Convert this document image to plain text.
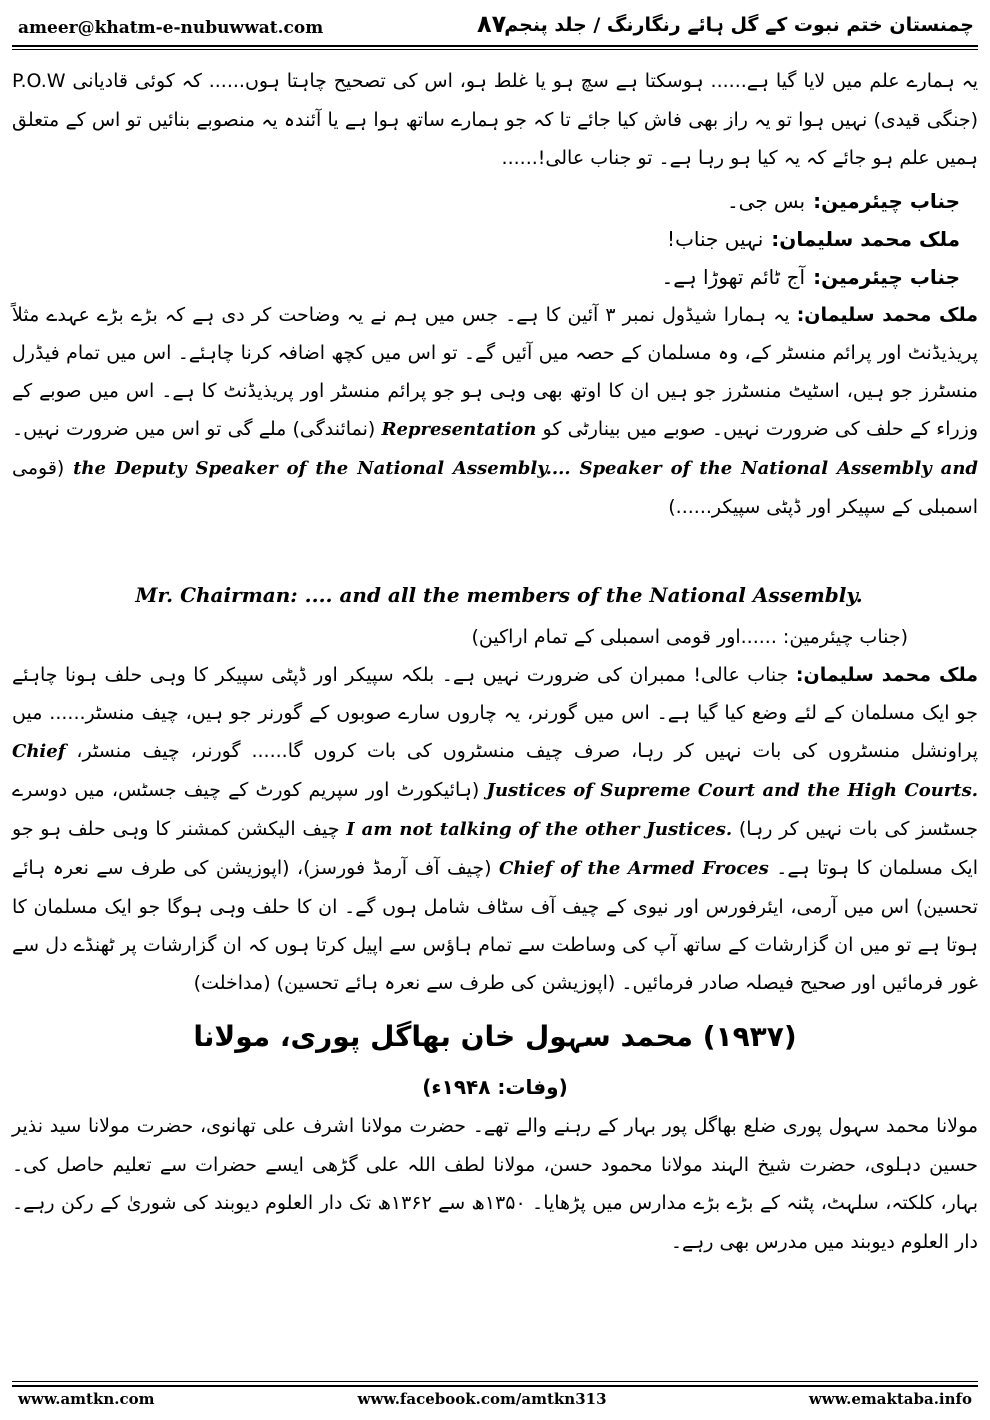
ameer@khatm-e-nubuwwat.com	۸۷
چمنستان ختم نبوت کے گل ہائے رنگارنگ / جلد پنجم

یہ ہمارے علم میں لایا گیا ہے...... ہوسکتا ہے سچ ہو یا غلط ہو، اس کی تصحیح چاہتا ہوں...... کہ کوئی قادیانی P.O.W (جنگی قیدی) نہیں ہوا تو یہ راز بھی فاش کیا جائے تا کہ جو ہمارے ساتھ ہوا ہے یا آئندہ یہ منصوبے بنائیں تو اس کے متعلق ہمیں علم ہو جائے کہ یہ کیا ہو رہا ہے۔ تو جناب عالی!......

جناب چیئرمین:بس جی۔
ملک محمد سلیمان:نہیں جناب!
جناب چیئرمین:آج ٹائم تھوڑا ہے۔
ملک محمد سلیمان: یہ ہمارا شیڈول نمبر ۳ آئین کا ہے۔ جس میں ہم نے یہ وضاحت کر دی ہے کہ بڑے بڑے عہدے مثلاً پریذیڈنٹ اور پرائم منسٹر کے، وہ مسلمان کے حصہ میں آئیں گے۔ تو اس میں کچھ اضافہ کرنا چاہئے۔ اس میں تمام فیڈرل منسٹرز جو ہیں، اسٹیٹ منسٹرز جو ہیں ان کا اوتھ بھی وہی ہو جو پرائم منسٹر اور پریذیڈنٹ کا ہے۔ اس میں صوبے کے وزراء کے حلف کی ضرورت نہیں۔ صوبے میں بینارٹی کو Representation (نمائندگی) ملے گی تو اس میں ضرورت نہیں۔ Speaker of the National Assembly and the Deputy Speaker of the National Assembly.... (قومی اسمبلی کے سپیکر اور ڈپٹی سپیکر......)
Mr. Chairman: .... and all the members of the National Assembly.
(جناب چیئرمین: ......اور قومی اسمبلی کے تمام اراکین)
ملک محمد سلیمان: جناب عالی! ممبران کی ضرورت نہیں ہے۔ بلکہ سپیکر اور ڈپٹی سپیکر کا وہی حلف ہونا چاہئے جو ایک مسلمان کے لئے وضع کیا گیا ہے۔ اس میں گورنر، یہ چاروں سارے صوبوں کے گورنر جو ہیں، چیف منسٹر...... میں پراونشل منسٹروں کی بات نہیں کر رہا، صرف چیف منسٹروں کی بات کروں گا...... گورنر، چیف منسٹر، Chief Justices of Supreme Court and the High Courts. (ہائیکورٹ اور سپریم کورٹ کے چیف جسٹس، میں دوسرے جسٹسز کی بات نہیں کر رہا) I am not talking of the other Justices. چیف الیکشن کمشنر کا وہی حلف ہو جو ایک مسلمان کا ہوتا ہے۔ Chief of the Armed Froces (چیف آف آرمڈ فورسز)، (اپوزیشن کی طرف سے نعرہ ہائے تحسین) اس میں آرمی، ایئرفورس اور نیوی کے چیف آف سٹاف شامل ہوں گے۔ ان کا حلف وہی ہوگا جو ایک مسلمان کا ہوتا ہے تو میں ان گزارشات کے ساتھ آپ کی وساطت سے تمام ہاؤس سے اپیل کرتا ہوں کہ ان گزارشات پر ٹھنڈے دل سے غور فرمائیں اور صحیح فیصلہ صادر فرمائیں۔ (اپوزیشن کی طرف سے نعرہ ہائے تحسین) (مداخلت)
(۱۹۳۷) محمد سہول خان بھاگل پوری، مولانا
(وفات: ۱۹۴۸ء)

مولانا محمد سہول پوری ضلع بھاگل پور بہار کے رہنے والے تھے۔ حضرت مولانا اشرف علی تھانوی، حضرت مولانا سید نذیر حسین دہلوی، حضرت شیخ الہند مولانا محمود حسن، مولانا لطف اللہ علی گڑھی ایسے حضرات سے تعلیم حاصل کی۔ بہار، کلکتہ، سلہٹ، پٹنہ کے بڑے بڑے مدارس میں پڑھایا۔ ۱۳۵۰ھ سے ۱۳۶۲ھ تک دار العلوم دیوبند کی شوریٰ کے رکن رہے۔ دار العلوم دیوبند میں مدرس بھی رہے۔

www.amtkn.com	www.facebook.com/amtkn313	www.emaktaba.info
